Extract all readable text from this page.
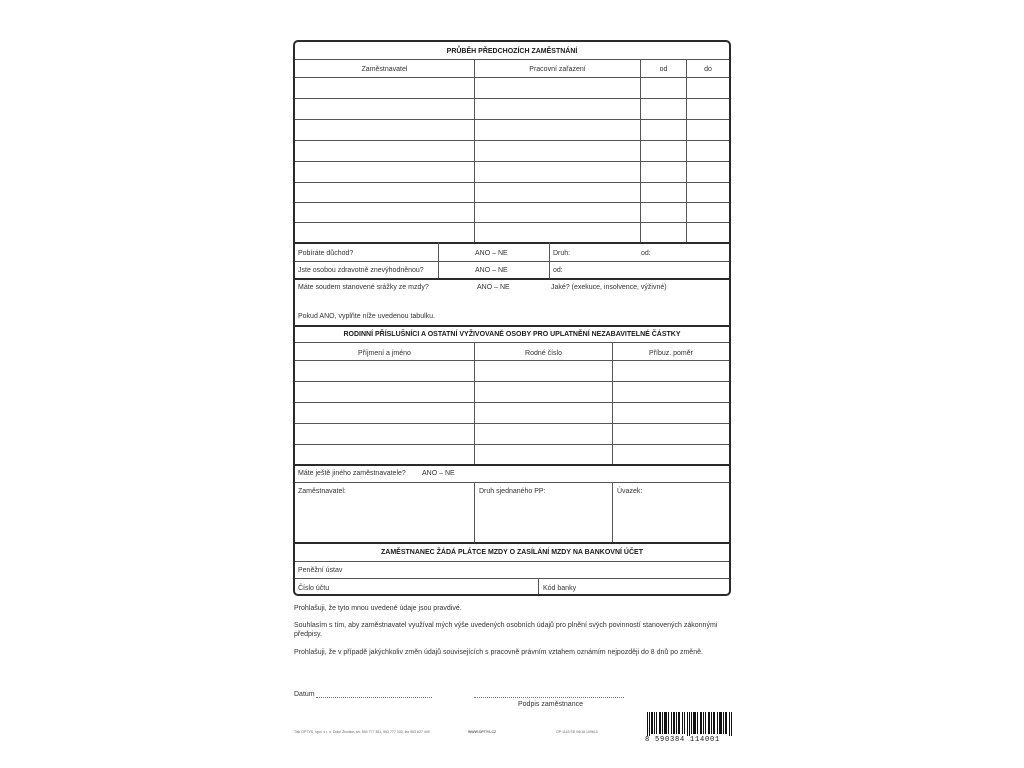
PRŮBĚH PŘEDCHOZÍCH ZAMĚSTNÁNÍ
Zaměstnavatel	Pracovní zařazení	od	do
Pobíráte důchod?	ANO – NE	Druh:	od:
Jste osobou zdravotně znevýhodněnou?	ANO – NE	od:
Máte soudem stanovené srážky ze mzdy?	ANO – NE	Jaké? (exekuce, insolvence, výživné)
Pokud ANO, vyplňte níže uvedenou tabulku.
RODINNÍ PŘÍSLUŠNÍCI A OSTATNÍ VYŽIVOVANÉ OSOBY PRO UPLATNĚNÍ NEZABAVITELNÉ ČÁSTKY
Příjmení a jméno	Rodné číslo	Příbuz. poměr
Máte ještě jiného zaměstnavatele? ANO – NE
Zaměstnavatel:	Druh sjednaného PP:	Úvazek:
ZAMĚSTNANEC ŽÁDÁ PLÁTCE MZDY O ZASÍLÁNÍ MZDY NA BANKOVNÍ ÚČET
Peněžní ústav
Číslo účtu	Kód banky
Prohlašuji, že tyto mnou uvedené údaje jsou pravdivé.
Souhlasím s tím, aby zaměstnavatel využíval mých výše uvedených osobních údajů pro plnění svých povinností stanovených zákonnými předpisy.
Prohlašuji, že v případě jakýchkoliv změn údajů souvisejících s pracovně právním vztahem oznámím nejpozději do 8 dnů po změně.
Datum
Podpis zaměstnance
Tisk OPTYS, spol. s r. o. Dolní Životice, tel. 553 777 381, 553 777 333, fax 553 627 449	WWW.OPTYS.CZ	OP 1143 ED 06/18 109613
8 590384 114001
